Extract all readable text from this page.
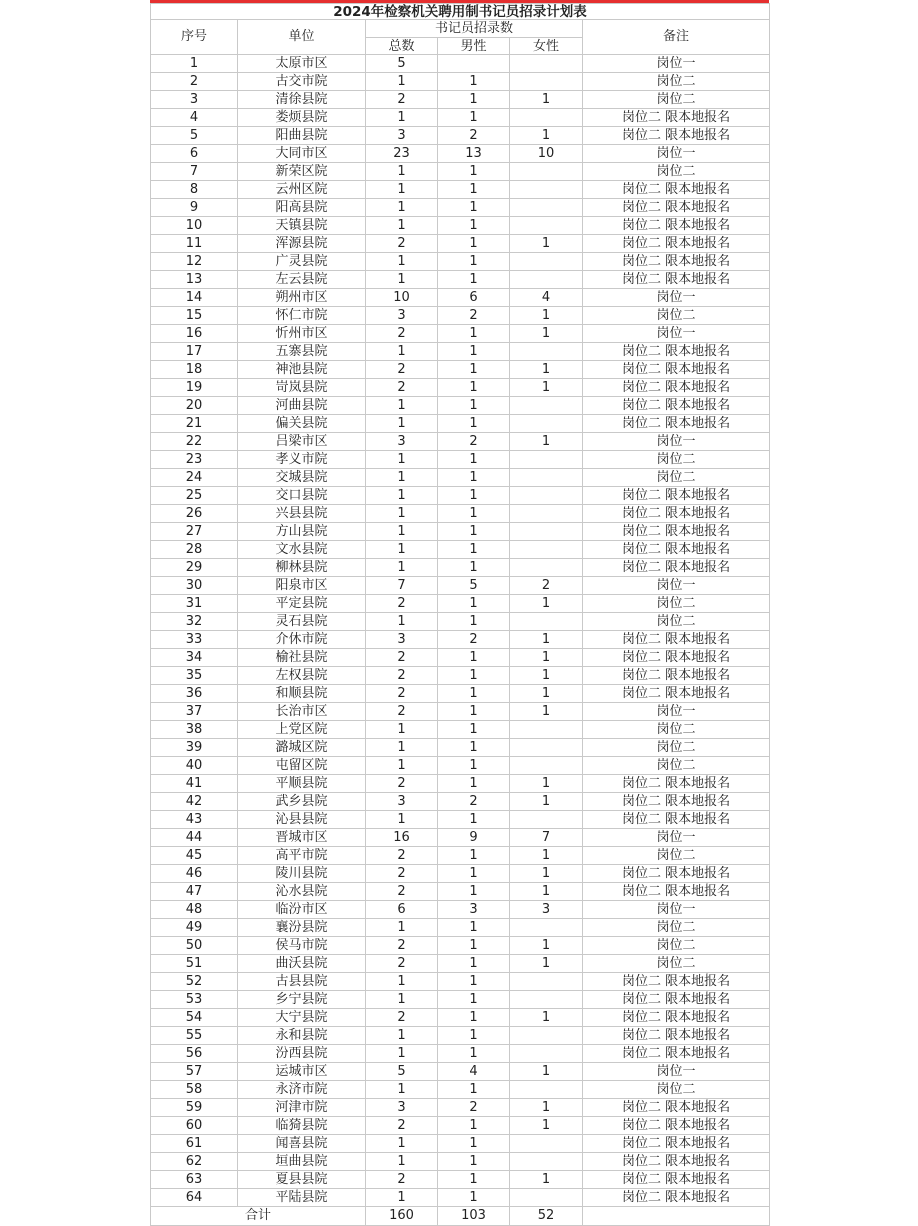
2024年检察机关聘用制书记员招录计划表					
序号	单位	书记员招录数			备注
		总数	男性	女性	
1	太原市区	5			岗位一
2	古交市院	1	1		岗位二
3	清徐县院	2	1	1	岗位二
4	娄烦县院	1	1		岗位二 限本地报名
5	阳曲县院	3	2	1	岗位二 限本地报名
6	大同市区	23	13	10	岗位一
7	新荣区院	1	1		岗位二
8	云州区院	1	1		岗位二 限本地报名
9	阳高县院	1	1		岗位二 限本地报名
10	天镇县院	1	1		岗位二 限本地报名
11	浑源县院	2	1	1	岗位二 限本地报名
12	广灵县院	1	1		岗位二 限本地报名
13	左云县院	1	1		岗位二 限本地报名
14	朔州市区	10	6	4	岗位一
15	怀仁市院	3	2	1	岗位二
16	忻州市区	2	1	1	岗位一
17	五寨县院	1	1		岗位二 限本地报名
18	神池县院	2	1	1	岗位二 限本地报名
19	岢岚县院	2	1	1	岗位二 限本地报名
20	河曲县院	1	1		岗位二 限本地报名
21	偏关县院	1	1		岗位二 限本地报名
22	吕梁市区	3	2	1	岗位一
23	孝义市院	1	1		岗位二
24	交城县院	1	1		岗位二
25	交口县院	1	1		岗位二 限本地报名
26	兴县县院	1	1		岗位二 限本地报名
27	方山县院	1	1		岗位二 限本地报名
28	文水县院	1	1		岗位二 限本地报名
29	柳林县院	1	1		岗位二 限本地报名
30	阳泉市区	7	5	2	岗位一
31	平定县院	2	1	1	岗位二
32	灵石县院	1	1		岗位二
33	介休市院	3	2	1	岗位二 限本地报名
34	榆社县院	2	1	1	岗位二 限本地报名
35	左权县院	2	1	1	岗位二 限本地报名
36	和顺县院	2	1	1	岗位二 限本地报名
37	长治市区	2	1	1	岗位一
38	上党区院	1	1		岗位二
39	潞城区院	1	1		岗位二
40	屯留区院	1	1		岗位二
41	平顺县院	2	1	1	岗位二 限本地报名
42	武乡县院	3	2	1	岗位二 限本地报名
43	沁县县院	1	1		岗位二 限本地报名
44	晋城市区	16	9	7	岗位一
45	高平市院	2	1	1	岗位二
46	陵川县院	2	1	1	岗位二 限本地报名
47	沁水县院	2	1	1	岗位二 限本地报名
48	临汾市区	6	3	3	岗位一
49	襄汾县院	1	1		岗位二
50	侯马市院	2	1	1	岗位二
51	曲沃县院	2	1	1	岗位二
52	古县县院	1	1		岗位二 限本地报名
53	乡宁县院	1	1		岗位二 限本地报名
54	大宁县院	2	1	1	岗位二 限本地报名
55	永和县院	1	1		岗位二 限本地报名
56	汾西县院	1	1		岗位二 限本地报名
57	运城市区	5	4	1	岗位一
58	永济市院	1	1		岗位二
59	河津市院	3	2	1	岗位二 限本地报名
60	临猗县院	2	1	1	岗位二 限本地报名
61	闻喜县院	1	1		岗位二 限本地报名
62	垣曲县院	1	1		岗位二 限本地报名
63	夏县县院	2	1	1	岗位二 限本地报名
64	平陆县院	1	1		岗位二 限本地报名
合计		160	103	52	
